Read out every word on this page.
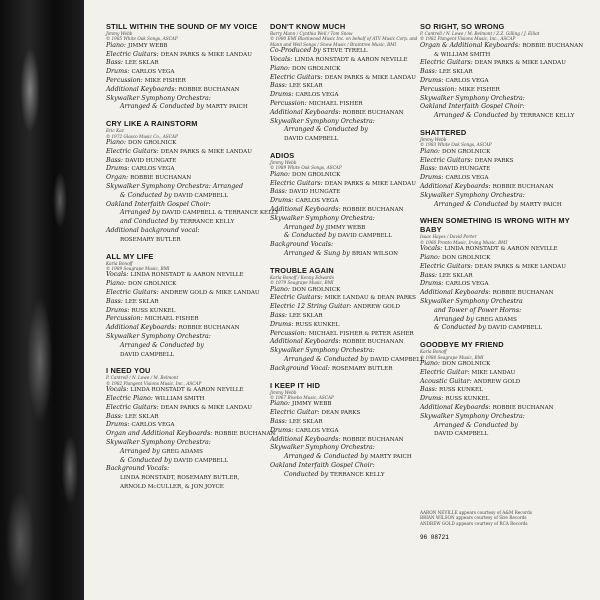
STILL WITHIN THE SOUND OF MY VOICE
Jimmy Webb
© 1985 White Oak Songs, ASCAP
Piano: JIMMY WEBB
Electric Guitars: DEAN PARKS & MIKE LANDAU
Bass: LEE SKLAR
Drums: CARLOS VEGA
Percussion: MIKE FISHER
Additional Keyboards: ROBBIE BUCHANAN
Skywalker Symphony Orchestra:
Arranged & Conducted by MARTY PAICH
CRY LIKE A RAINSTORM
Eric Kaz
© 1972 Glasco Music Co., ASCAP
Piano: DON GROLNICK
Electric Guitars: DEAN PARKS & MIKE LANDAU
Bass: DAVID HUNGATE
Drums: CARLOS VEGA
Organ: ROBBIE BUCHANAN
Skywalker Symphony Orchestra: Arranged
& Conducted by DAVID CAMPBELL
Oakland Interfaith Gospel Choir:
Arranged by DAVID CAMPBELL & TERRANCE KELLY
and Conducted by TERRANCE KELLY
Additional background vocal:
ROSEMARY BUTLER
ALL MY LIFE
Karla Bonoff
© 1989 Seagrape Music, BMI
Vocals: LINDA RONSTADT & AARON NEVILLE
Piano: DON GROLNICK
Electric Guitars: ANDREW GOLD & MIKE LANDAU
Bass: LEE SKLAR
Drums: RUSS KUNKEL
Percussion: MICHAEL FISHER
Additional Keyboards: ROBBIE BUCHANAN
Skywalker Symphony Orchestra:
Arranged & Conducted by
DAVID CAMPBELL
I NEED YOU
P. Cantrell / N. Lowe / M. Belmont
© 1982 Plangent Visions Music, Inc., ASCAP
Vocals: LINDA RONSTADT & AARON NEVILLE
Electric Piano: WILLIAM SMITH
Electric Guitars: DEAN PARKS & MIKE LANDAU
Bass: LEE SKLAR
Drums: CARLOS VEGA
Organ and Additional Keyboards: ROBBIE BUCHANAN
Skywalker Symphony Orchestra:
Arranged by GREG ADAMS
& Conducted by DAVID CAMPBELL
Background Vocals:
LINDA RONSTADT, ROSEMARY BUTLER,
ARNOLD McCULLER, & JON JOYCE
DON'T KNOW MUCH
Barry Mann / Cynthia Weil / Tom Snow
© 1980 EMI Blackwood Music Inc. on behalf of ATV Music Corp. and Mann and Weil Songs / Snow Music / Braintree Music, BMI
Co-Produced by STEVE TYRELL
Vocals: LINDA RONSTADT & AARON NEVILLE
Piano: DON GROLNICK
Electric Guitars: DEAN PARKS & MIKE LANDAU
Bass: LEE SKLAR
Drums: CARLOS VEGA
Percussion: MICHAEL FISHER
Additional Keyboards: ROBBIE BUCHANAN
Skywalker Symphony Orchestra:
Arranged & Conducted by
DAVID CAMPBELL
ADIOS
Jimmy Webb
© 1989 White Oak Songs, ASCAP
Piano: DON GROLNICK
Electric Guitars: DEAN PARKS & MIKE LANDAU
Bass: DAVID HUNGATE
Drums: CARLOS VEGA
Additional Keyboards: ROBBIE BUCHANAN
Skywalker Symphony Orchestra:
Arranged by JIMMY WEBB
& Conducted by DAVID CAMPBELL
Background Vocals:
Arranged & Sung by BRIAN WILSON
TROUBLE AGAIN
Karla Bonoff / Kenny Edwards
© 1979 Seagrape Music, BMI
Piano: DON GROLNICK
Electric Guitars: MIKE LANDAU & DEAN PARKS
Electric 12 String Guitar: ANDREW GOLD
Bass: LEE SKLAR
Drums: RUSS KUNKEL
Percussion: MICHAEL FISHER & PETER ASHER
Additional Keyboards: ROBBIE BUCHANAN
Skywalker Symphony Orchestra:
Arranged & Conducted by DAVID CAMPBELL
Background Vocal: ROSEMARY BUTLER
I KEEP IT HID
Jimmy Webb
© 1967 Rivebo Music, ASCAP
Piano: JIMMY WEBB
Electric Guitar: DEAN PARKS
Bass: LEE SKLAR
Drums: CARLOS VEGA
Additional Keyboards: ROBBIE BUCHANAN
Skywalker Symphony Orchestra:
Arranged & Conducted by MARTY PAICH
Oakland Interfaith Gospel Choir:
Conducted by TERRANCE KELLY
SO RIGHT, SO WRONG
P. Cantrell / N. Lowe / M. Belmont / Z.Z. Gilling / J. Elliot
© 1982 Plangent Visions Music, Inc., ASCAP
Organ & Additional Keyboards: ROBBIE BUCHANAN
& WILLIAM SMITH
Electric Guitars: DEAN PARKS & MIKE LANDAU
Bass: LEE SKLAR
Drums: CARLOS VEGA
Percussion: MIKE FISHER
Skywalker Symphony Orchestra:
Oakland Interfaith Gospel Choir:
Arranged & Conducted by TERRANCE KELLY
SHATTERED
Jimmy Webb
© 1983 White Oak Songs, ASCAP
Piano: DON GROLNICK
Electric Guitars: DEAN PARKS
Bass: DAVID HUNGATE
Drums: CARLOS VEGA
Additional Keyboards: ROBBIE BUCHANAN
Skywalker Symphony Orchestra:
Arranged & Conducted by MARTY PAICH
WHEN SOMETHING IS WRONG WITH MY BABY
Isaac Hayes / David Porter
© 1966 Pronto Music, Irving Music, BMI
Vocals: LINDA RONSTADT & AARON NEVILLE
Piano: DON GROLNICK
Electric Guitars: DEAN PARKS & MIKE LANDAU
Bass: LEE SKLAR
Drums: CARLOS VEGA
Additional Keyboards: ROBBIE BUCHANAN
Skywalker Symphony Orchestra
and Tower of Power Horns:
Arranged by GREG ADAMS
& Conducted by DAVID CAMPBELL
GOODBYE MY FRIEND
Karla Bonoff
© 1988 Seagrape Music, BMI
Piano: DON GROLNICK
Electric Guitar: MIKE LANDAU
Acoustic Guitar: ANDREW GOLD
Bass: RUSS KUNKEL
Drums: RUSS KUNKEL
Additional Keyboards: ROBBIE BUCHANAN
Skywalker Symphony Orchestra:
Arranged & Conducted by
DAVID CAMPBELL
AARON NEVILLE appears courtesy of A&M Records
BRIAN WILSON appears courtesy of Sire Records
ANDREW GOLD appears courtesy of RCA Records
96 08721
